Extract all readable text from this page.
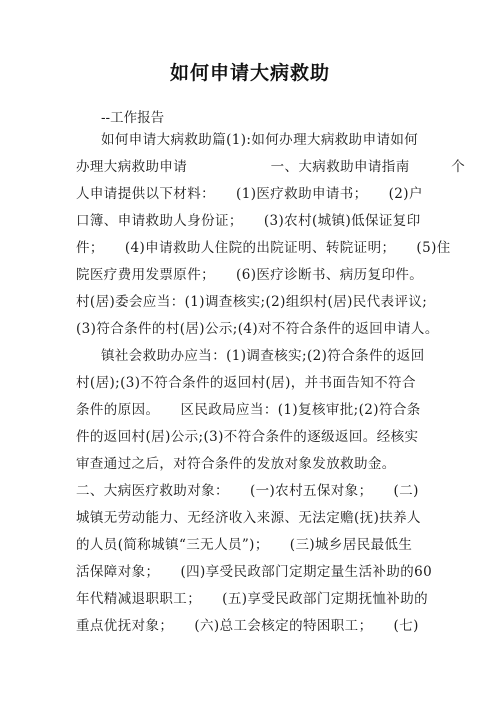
如何申请大病救助
--工作报告
如何申请大病救助篇(1):如何办理大病救助申请如何
办理大病救助申请　　　　　　一、大病救助申请指南　　　个
人申请提供以下材料：　　(1)医疗救助申请书；　　(2)户
口簿、申请救助人身份证；　　(3)农村(城镇)低保证复印
件；　　(4)申请救助人住院的出院证明、转院证明；　　(5)住
院医疗费用发票原件；　　(6)医疗诊断书、病历复印件。
村(居)委会应当：(1)调查核实;(2)组织村(居)民代表评议;
(3)符合条件的村(居)公示;(4)对不符合条件的返回申请人。
镇社会救助办应当：(1)调查核实;(2)符合条件的返回
村(居);(3)不符合条件的返回村(居)，并书面告知不符合
条件的原因。　　区民政局应当：(1)复核审批;(2)符合条
件的返回村(居)公示;(3)不符合条件的逐级返回。经核实
审查通过之后，对符合条件的发放对象发放救助金。
二、大病医疗救助对象：　　(一)农村五保对象；　　(二)
城镇无劳动能力、无经济收入来源、无法定赡(抚)扶养人
的人员(简称城镇“三无人员”)；　　(三)城乡居民最低生
活保障对象；　　(四)享受民政部门定期定量生活补助的60
年代精减退职职工；　　(五)享受民政部门定期抚恤补助的
重点优抚对象；　　(六)总工会核定的特困职工；　　(七)
